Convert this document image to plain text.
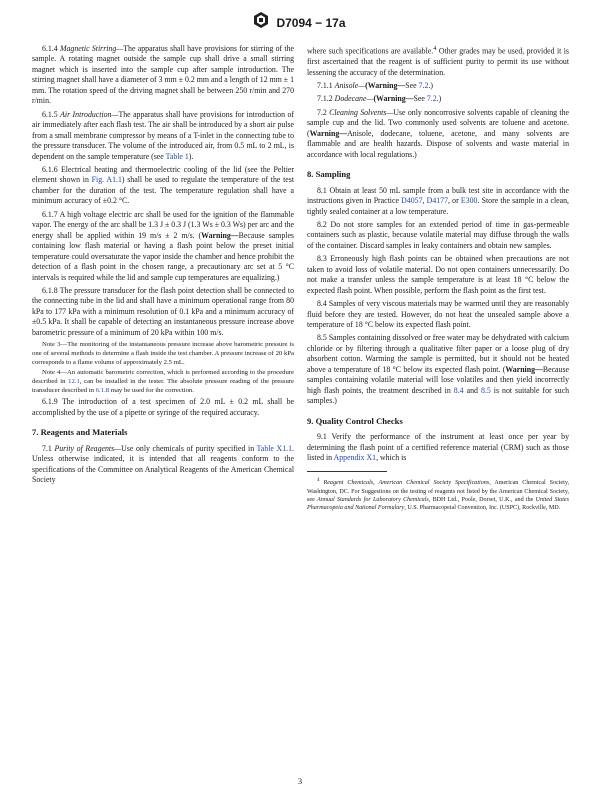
D7094 − 17a

6.1.4 Magnetic Stirring—The apparatus shall have provisions for stirring of the sample. A rotating magnet outside the sample cup shall drive a small stirring magnet which is inserted into the sample cup after sample introduction. The stirring magnet shall have a diameter of 3 mm ± 0.2 mm and a length of 12 mm ± 1 mm. The rotation speed of the driving magnet shall be between 250 r/min and 270 r/min.

6.1.5 Air Introduction—The apparatus shall have provisions for introduction of air immediately after each flash test. The air shall be introduced by a short air pulse from a small membrane compressor by means of a T-inlet in the connecting tube to the pressure transducer. The volume of the introduced air, from 0.5 mL to 2 mL, is dependent on the sample temperature (see Table 1).

6.1.6 Electrical heating and thermoelectric cooling of the lid (see the Peltier element shown in Fig. A1.1) shall be used to regulate the temperature of the test chamber for the duration of the test. The temperature regulation shall have a minimum accuracy of ±0.2 °C.

6.1.7 A high voltage electric arc shall be used for the ignition of the flammable vapor. The energy of the arc shall be 1.3 J ± 0.3 J (1.3 Ws ± 0.3 Ws) per arc and the energy shall be applied within 19 m/s ± 2 m/s. (Warning—Because samples containing low flash material or having a flash point below the preset initial temperature could oversaturate the vapor inside the chamber and hence prohibit the detection of a flash point in the chosen range, a precautionary arc set at 5 °C intervals is required while the lid and sample cup temperatures are equalizing.)

6.1.8 The pressure transducer for the flash point detection shall be connected to the connecting tube in the lid and shall have a minimum operational range from 80 kPa to 177 kPa with a minimum resolution of 0.1 kPa and a minimum accuracy of ±0.5 kPa. It shall be capable of detecting an instantaneous pressure increase above barometric pressure of a minimum of 20 kPa within 100 m/s.

Note 3—The monitoring of the instantaneous pressure increase above barometric pressure is one of several methods to determine a flash inside the test chamber. A pressure increase of 20 kPa corresponds to a flame volume of approximately 2.5 mL.

Note 4—An automatic barometric correction, which is performed according to the procedure described in 12.1, can be installed in the tester. The absolute pressure reading of the pressure transducer described in 6.1.8 may be used for the correction.

6.1.9 The introduction of a test specimen of 2.0 mL ± 0.2 mL shall be accomplished by the use of a pipette or syringe of the required accuracy.

7. Reagents and Materials

7.1 Purity of Reagents—Use only chemicals of purity specified in Table X1.1. Unless otherwise indicated, it is intended that all reagents conform to the specifications of the Committee on Analytical Reagents of the American Chemical Society

where such specifications are available.$^4$ Other grades may be used, provided it is first ascertained that the reagent is of sufficient purity to permit its use without lessening the accuracy of the determination.

7.1.1 Anisole—(Warning—See 7.2.)

7.1.2 Dodecane—(Warning—See 7.2.)

7.2 Cleaning Solvents—Use only noncorrosive solvents capable of cleaning the sample cup and the lid. Two commonly used solvents are toluene and acetone. (Warning—Anisole, dodecane, toluene, acetone, and many solvents are flammable and are health hazards. Dispose of solvents and waste material in accordance with local regulations.)

8. Sampling

8.1 Obtain at least 50 mL sample from a bulk test site in accordance with the instructions given in Practice D4057, D4177, or E300. Store the sample in a clean, tightly sealed container at a low temperature.

8.2 Do not store samples for an extended period of time in gas-permeable containers such as plastic, because volatile material may diffuse through the walls of the container. Discard samples in leaky containers and obtain new samples.

8.3 Erroneously high flash points can be obtained when precautions are not taken to avoid loss of volatile material. Do not open containers unnecessarily. Do not make a transfer unless the sample temperature is at least 18 °C below the expected flash point. When possible, perform the flash point as the first test.

8.4 Samples of very viscous materials may be warmed until they are reasonably fluid before they are tested. However, do not heat the unsealed sample above a temperature of 18 °C below its expected flash point.

8.5 Samples containing dissolved or free water may be dehydrated with calcium chloride or by filtering through a qualitative filter paper or a loose plug of dry absorbent cotton. Warming the sample is permitted, but it should not be heated above a temperature of 18 °C below its expected flash point. (Warning—Because samples containing volatile material will lose volatiles and then yield incorrectly high flash points, the treatment described in 8.4 and 8.5 is not suitable for such samples.)

9. Quality Control Checks

9.1 Verify the performance of the instrument at least once per year by determining the flash point of a certified reference material (CRM) such as those listed in Appendix X1, which is

$^4$ Reagent Chemicals, American Chemical Society Specifications, American Chemical Society, Washington, DC. For Suggestions on the testing of reagents not listed by the American Chemical Society, see Annual Standards for Laboratory Chemicals, BDH Ltd., Poole, Dorset, U.K., and the United States Pharmacopeia and National Formulary, U.S. Pharmacopeial Convention, Inc. (USPC), Rockville, MD.

3
